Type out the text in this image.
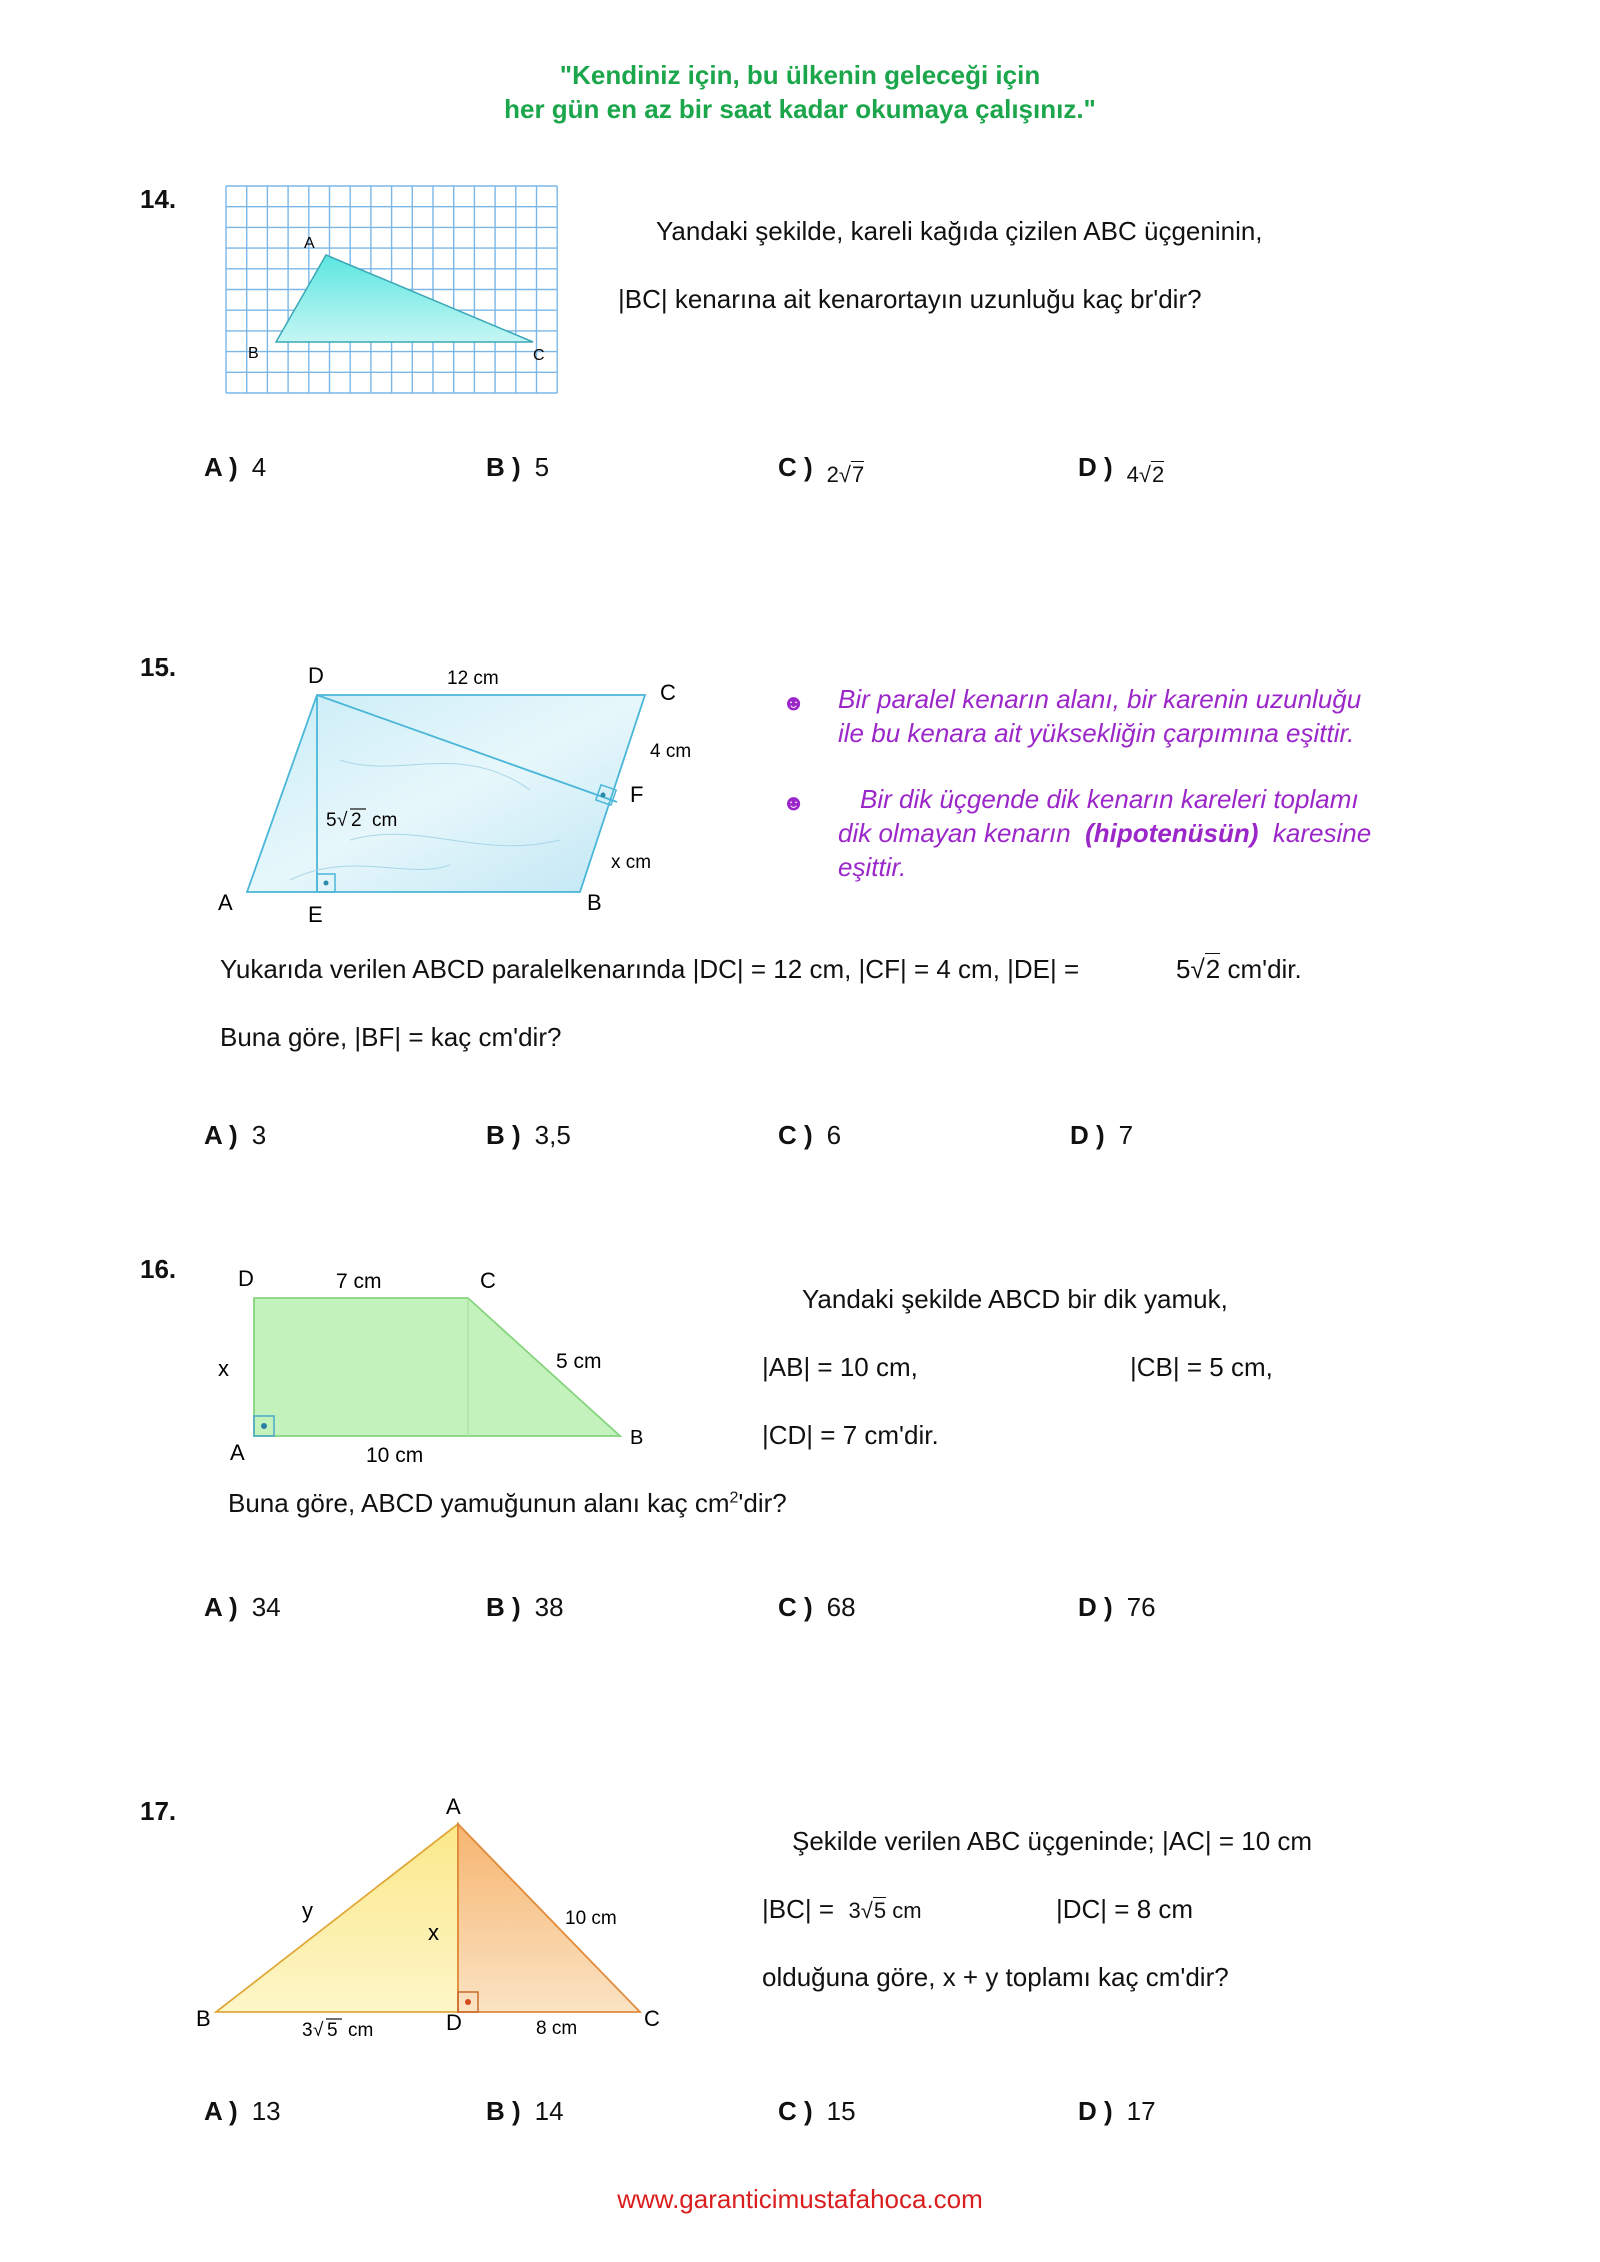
"Kendiniz için, bu ülkenin geleceği için
her gün en az bir saat kadar okumaya çalışınız."
14.
A
B	C
Yandaki şekilde, kareli kağıda çizilen ABC üçgeninin,
|BC| kenarına ait kenarortayın uzunluğu kaç br'dir?
A ) 4	B ) 5	C ) $_{2√7}$	D ) $_{4√2}$
15.	D
C
A	E	B
F
12 cm
4 cm
x cm
5 √ 2 cm
☻ Bir paralel kenarın alanı, bir karenin uzunluğu
ile bu kenara ait yüksekliğin çarpımına eşittir.
☻ Bir dik üçgende dik kenarın kareleri toplamı
dik olmayan kenarın (hipotenüsün) karesine
eşittir.
Yukarıda verilen ABCD paralelkenarında |DC| = 12 cm, |CF| = 4 cm, |DE| =	5√2 cm'dir.
Buna göre, |BF| = kaç cm'dir?
A ) 3	B ) 3,5	C ) 6	D ) 7
16.	D	C
A
B
x
7 cm
5 cm
10 cm
Yandaki şekilde ABCD bir dik yamuk,
|AB| = 10 cm,	|CB| = 5 cm,
|CD| = 7 cm'dir.
Buna göre, ABCD yamuğunun alanı kaç $cm^2'dir$?
A ) 34	B ) 38	C ) 68	D ) 76
17.	A
B	C
D
x
y	10 cm
8 cm
3 √ 5 cm
Şekilde verilen ABC üçgeninde; |AC| = 10 cm
|BC| = 3√5 cm	|DC| = 8 cm
olduğuna göre, x + y toplamı kaç cm'dir?
A ) 13	B ) 14	C ) 15	D ) 17
www.garanticimustafahoca.com
